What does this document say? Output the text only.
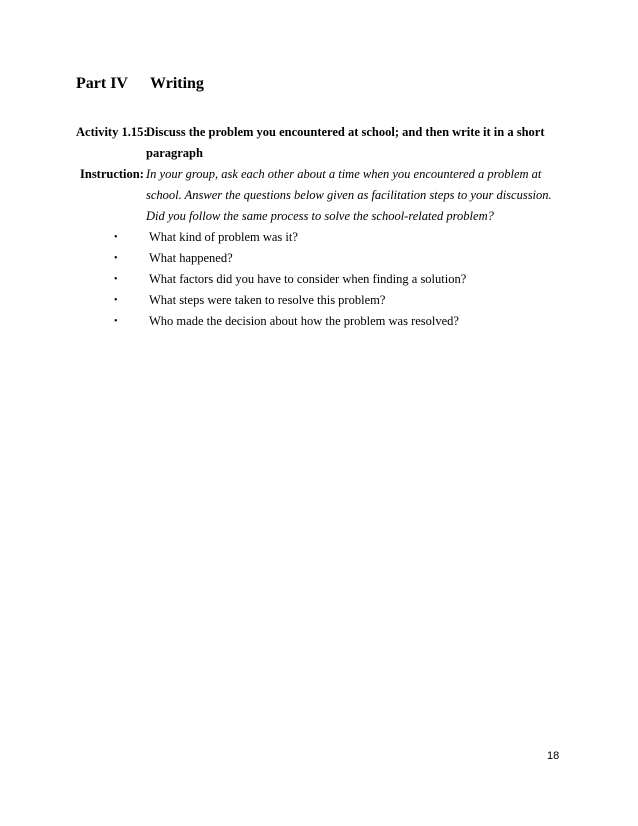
Part IV Writing
Activity 1.15:
Discuss the problem you encountered at school; and then write it in a short
paragraph
Instruction: In your group, ask each other about a time when you encountered a problem at
school. Answer the questions below given as facilitation steps to your discussion.
Did you follow the same process to solve the school-related problem?
•	What kind of problem was it?
•	What happened?
•	What factors did you have to consider when finding a solution?
•	What steps were taken to resolve this problem?
•	Who made the decision about how the problem was resolved?
18
